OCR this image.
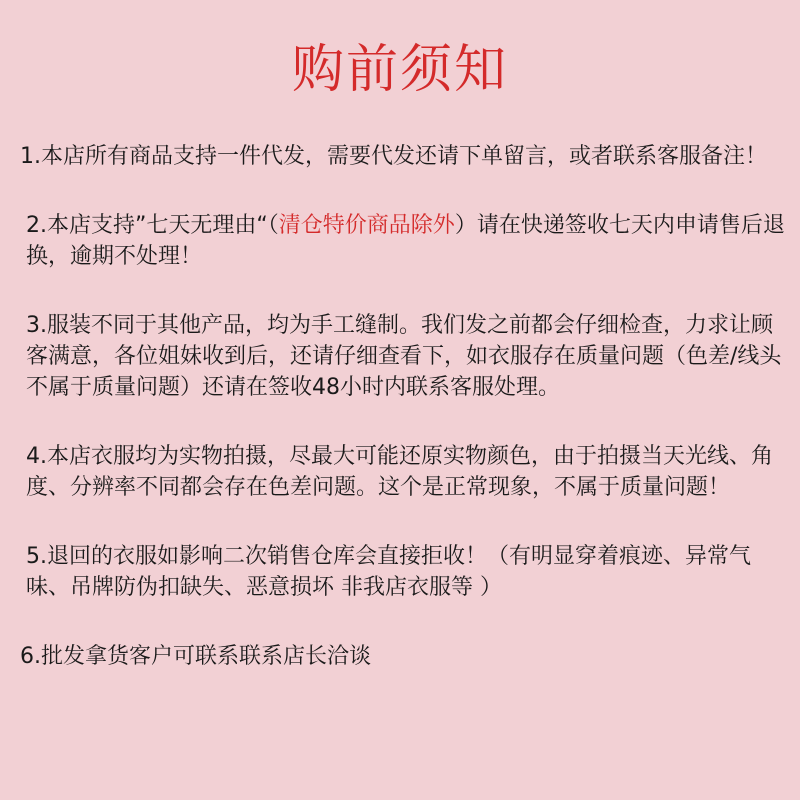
购前须知
1.本店所有商品支持一件代发，需要代发还请下单留言，或者联系客服备注！
2.本店支持”七天无理由“（清仓特价商品除外）请在快递签收七天内申请售后退换，逾期不处理！
3.服装不同于其他产品，均为手工缝制。我们发之前都会仔细检查，力求让顾客满意，各位姐妹收到后，还请仔细查看下，如衣服存在质量问题（色差/线头不属于质量问题）还请在签收48小时内联系客服处理。
4.本店衣服均为实物拍摄，尽最大可能还原实物颜色，由于拍摄当天光线、角度、分辨率不同都会存在色差问题。这个是正常现象，不属于质量问题！
5.退回的衣服如影响二次销售仓库会直接拒收！（有明显穿着痕迹、异常气味、吊牌防伪扣缺失、恶意损坏 非我店衣服等 ）
6.批发拿货客户可联系联系店长洽谈
